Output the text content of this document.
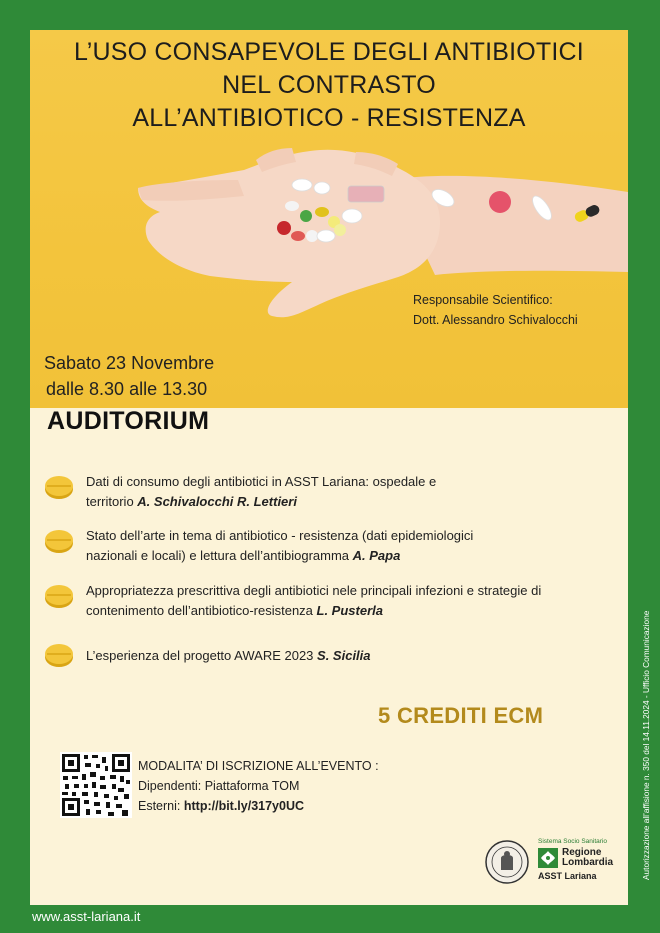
L’USO CONSAPEVOLE DEGLI ANTIBIOTICI
NEL CONTRASTO
ALL’ANTIBIOTICO - RESISTENZA
Responsabile Scientifico:
Dott. Alessandro Schivalocchi
Sabato 23 Novembre
dalle 8.30 alle 13.30
AUDITORIUM
Dati di consumo degli antibiotici in ASST Lariana: ospedale e
territorio A. Schivalocchi R. Lettieri
Stato dell’arte in tema di antibiotico - resistenza (dati epidemiologici
nazionali e locali) e lettura dell’antibiogramma A. Papa
Appropriatezza prescrittiva degli antibiotici nele principali infezioni e strategie di
contenimento dell’antibiotico-resistenza L. Pusterla
L’esperienza del progetto AWARE 2023 S. Sicilia
5 CREDITI ECM
MODALITA’ DI ISCRIZIONE ALL’EVENTO :
Dipendenti: Piattaforma TOM
Esterni: http://bit.ly/317y0UC
Sistema Socio Sanitario
Regione
Lombardia
ASST Lariana
www.asst-lariana.it
Autorizzazione all’affisione n. 350 del 14.11.2024 - Ufficio Comunicazione
